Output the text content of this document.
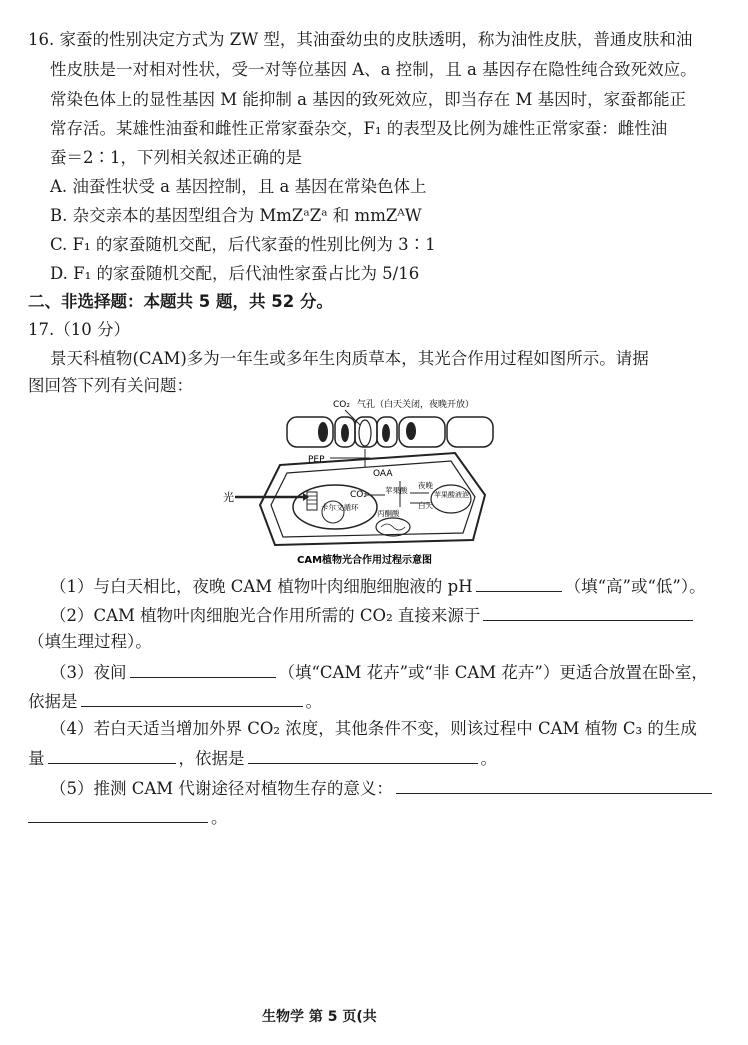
16. 家蚕的性别决定方式为 ZW 型，其油蚕幼虫的皮肤透明，称为油性皮肤，普通皮肤和油
性皮肤是一对相对性状，受一对等位基因 A、a 控制，且 a 基因存在隐性纯合致死效应。
常染色体上的显性基因 M 能抑制 a 基因的致死效应，即当存在 M 基因时，家蚕都能正
常存活。某雄性油蚕和雌性正常家蚕杂交，F₁ 的表型及比例为雄性正常家蚕：雌性油
蚕＝2∶1，下列相关叙述正确的是
A. 油蚕性状受 a 基因控制，且 a 基因在常染色体上
B. 杂交亲本的基因型组合为 MmZᵃZᵃ 和 mmZᴬW
C. F₁ 的家蚕随机交配，后代家蚕的性别比例为 3∶1
D. F₁ 的家蚕随机交配，后代油性家蚕占比为 5/16
二、非选择题：本题共 5 题，共 52 分。
17.（10 分）
景天科植物(CAM)多为一年生或多年生肉质草本，其光合作用过程如图所示。请据
图回答下列有关问题：
CO₂ 气孔（白天关闭，夜晚开放）
卡尔文循环
CO₂
光
PEP
OAA
苹果酸
夜晚
白天
苹果酸液泡
丙酮酸
CAM植物光合作用过程示意图
（1）与白天相比，夜晚 CAM 植物叶肉细胞细胞液的 pH	（填“高”或“低”）。
（2）CAM 植物叶肉细胞光合作用所需的 CO₂ 直接来源于
（填生理过程）。
（3）夜间	（填“CAM 花卉”或“非 CAM 花卉”）更适合放置在卧室，
依据是	。
（4）若白天适当增加外界 CO₂ 浓度，其他条件不变，则该过程中 CAM 植物 C₃ 的生成
量	，依据是	。
（5）推测 CAM 代谢途径对植物生存的意义：
。
生物学 第 5 页(共
